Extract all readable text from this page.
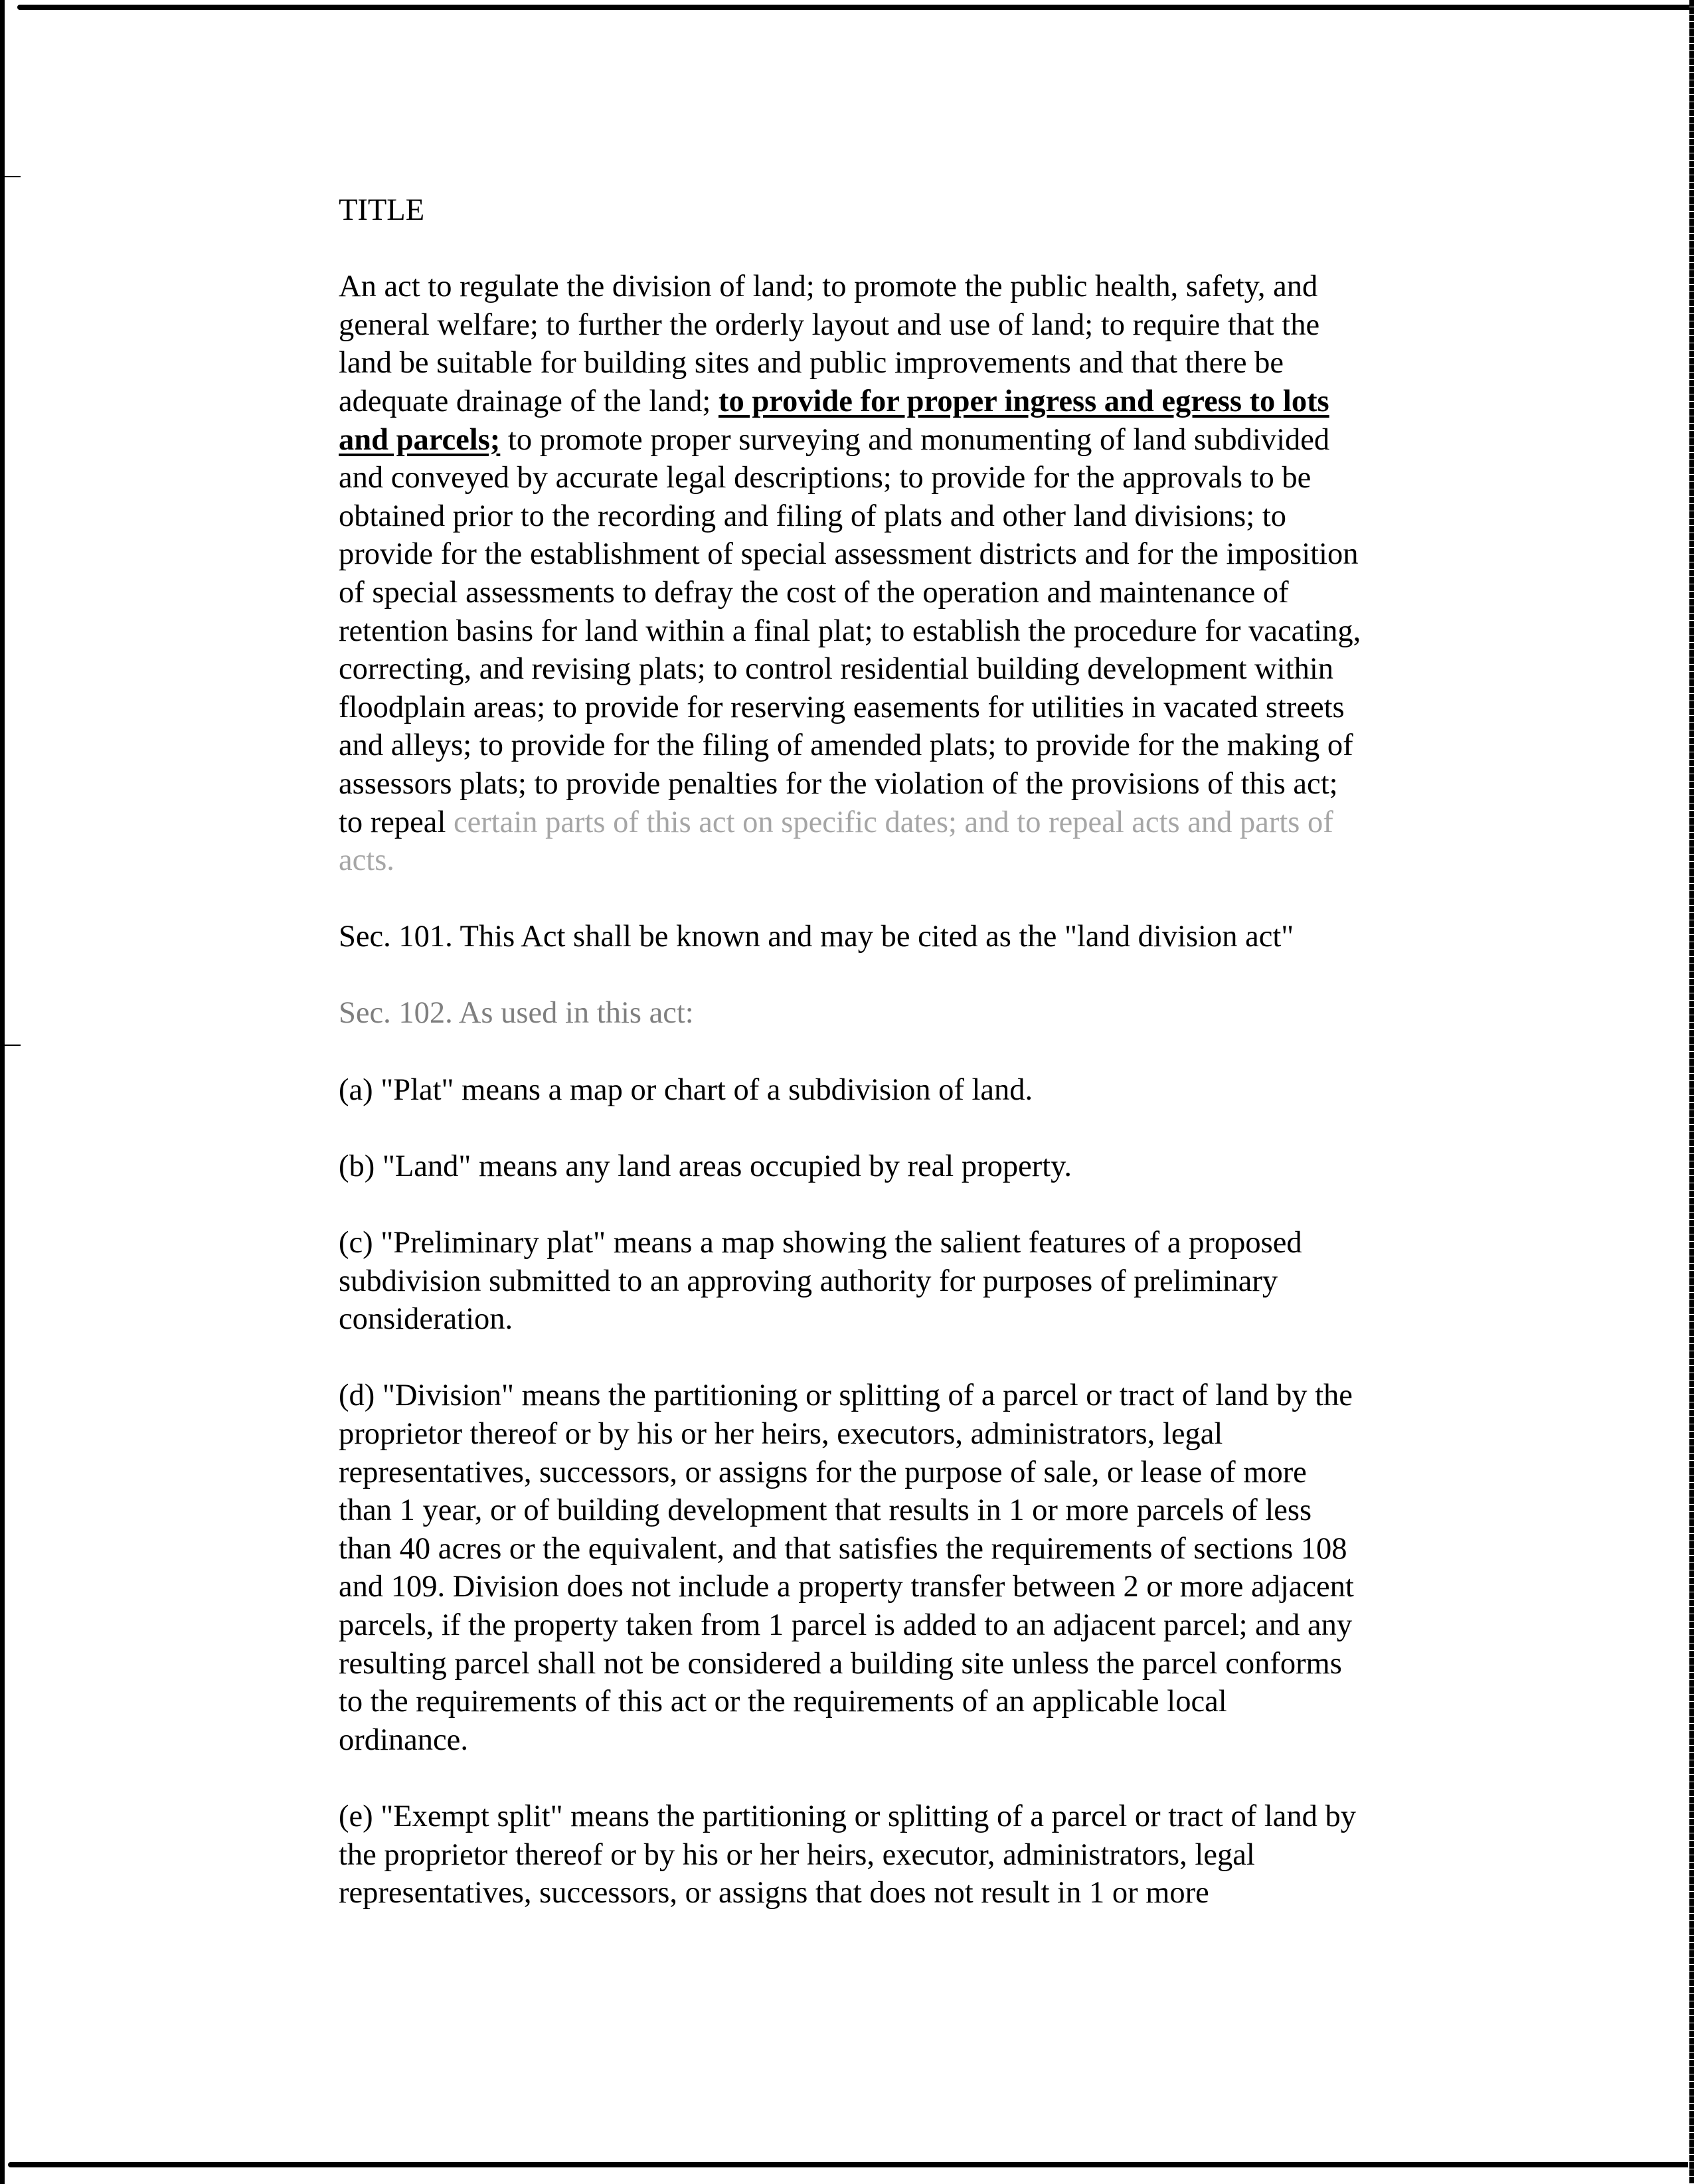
TITLE

An act to regulate the division of land; to promote the public health, safety, and general welfare; to further the orderly layout and use of land; to require that the land be suitable for building sites and public improvements and that there be adequate drainage of the land; to provide for proper ingress and egress to lots and parcels; to promote proper surveying and monumenting of land subdivided and conveyed by accurate legal descriptions; to provide for the approvals to be obtained prior to the recording and filing of plats and other land divisions; to provide for the establishment of special assessment districts and for the imposition of special assessments to defray the cost of the operation and maintenance of retention basins for land within a final plat; to establish the procedure for vacating, correcting, and revising plats; to control residential building development within floodplain areas; to provide for reserving easements for utilities in vacated streets and alleys; to provide for the filing of amended plats; to provide for the making of assessors plats; to provide penalties for the violation of the provisions of this act; to repeal certain parts of this act on specific dates; and to repeal acts and parts of acts.

Sec. 101. This Act shall be known and may be cited as the "land division act"

Sec. 102. As used in this act:

(a) "Plat" means a map or chart of a subdivision of land.

(b) "Land" means any land areas occupied by real property.

(c) "Preliminary plat" means a map showing the salient features of a proposed subdivision submitted to an approving authority for purposes of preliminary consideration.

(d) "Division" means the partitioning or splitting of a parcel or tract of land by the proprietor thereof or by his or her heirs, executors, administrators, legal representatives, successors, or assigns for the purpose of sale, or lease of more than 1 year, or of building development that results in 1 or more parcels of less than 40 acres or the equivalent, and that satisfies the requirements of sections 108 and 109. Division does not include a property transfer between 2 or more adjacent parcels, if the property taken from 1 parcel is added to an adjacent parcel; and any resulting parcel shall not be considered a building site unless the parcel conforms to the requirements of this act or the requirements of an applicable local ordinance.

(e) "Exempt split" means the partitioning or splitting of a parcel or tract of land by the proprietor thereof or by his or her heirs, executor, administrators, legal representatives, successors, or assigns that does not result in 1 or more
